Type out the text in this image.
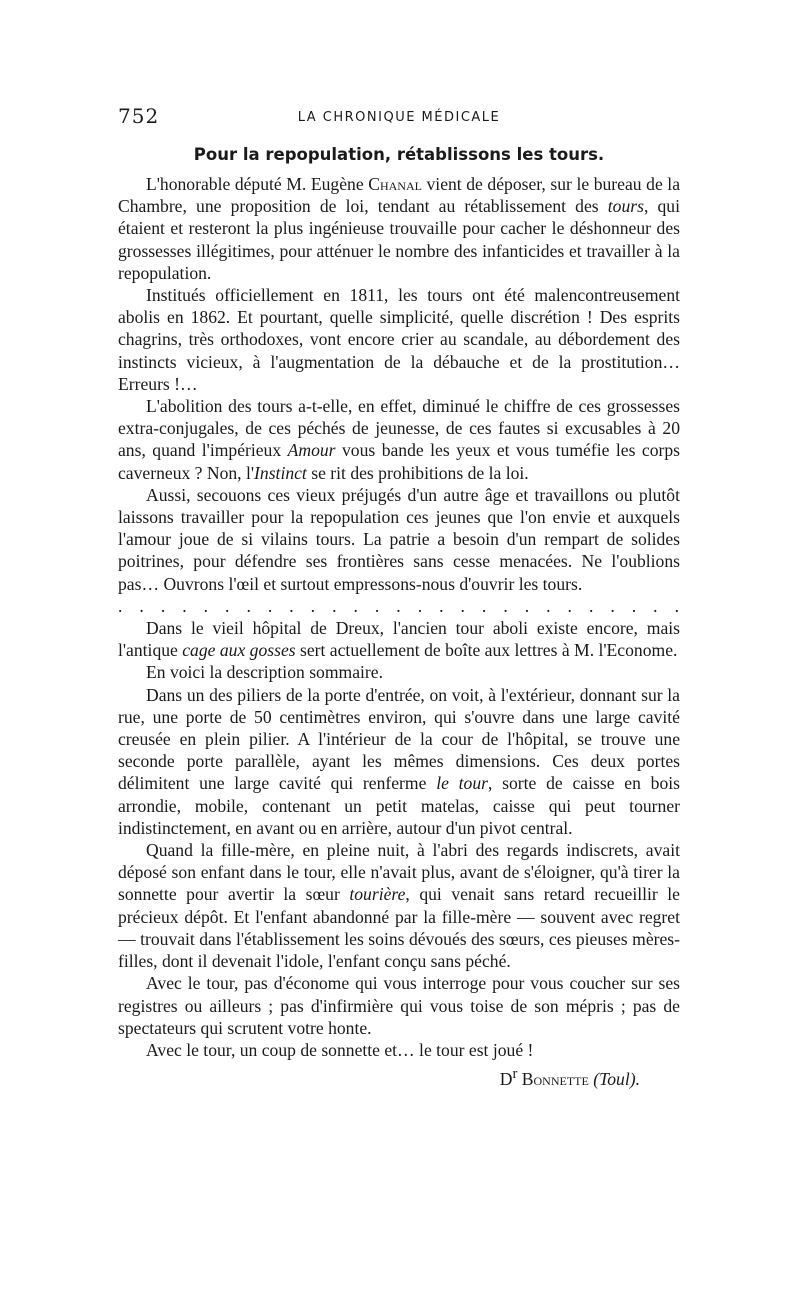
752	LA CHRONIQUE MÉDICALE
Pour la repopulation, rétablissons les tours.

L'honorable député M. Eugène Chanal vient de déposer, sur le bureau de la Chambre, une proposition de loi, tendant au rétablissement des tours, qui étaient et resteront la plus ingénieuse trouvaille pour cacher le déshonneur des grossesses illégitimes, pour atténuer le nombre des infanticides et travailler à la repopulation.

Institués officiellement en 1811, les tours ont été malencontreusement abolis en 1862. Et pourtant, quelle simplicité, quelle discrétion ! Des esprits chagrins, très orthodoxes, vont encore crier au scandale, au débordement des instincts vicieux, à l'augmentation de la débauche et de la prostitution… Erreurs !…

L'abolition des tours a-t-elle, en effet, diminué le chiffre de ces grossesses extra-conjugales, de ces péchés de jeunesse, de ces fautes si excusables à 20 ans, quand l'impérieux Amour vous bande les yeux et vous tuméfie les corps caverneux ? Non, l'Instinct se rit des prohibitions de la loi.

Aussi, secouons ces vieux préjugés d'un autre âge et travaillons ou plutôt laissons travailler pour la repopulation ces jeunes que l'on envie et auxquels l'amour joue de si vilains tours. La patrie a besoin d'un rempart de solides poitrines, pour défendre ses frontières sans cesse menacées. Ne l'oublions pas… Ouvrons l'œil et surtout empressons-nous d'ouvrir les tours.

. . . . . . . . . . . . . . . . . . . . . . . . . . .

Dans le vieil hôpital de Dreux, l'ancien tour aboli existe encore, mais l'antique cage aux gosses sert actuellement de boîte aux lettres à M. l'Econome.

En voici la description sommaire.

Dans un des piliers de la porte d'entrée, on voit, à l'extérieur, donnant sur la rue, une porte de 50 centimètres environ, qui s'ouvre dans une large cavité creusée en plein pilier. A l'intérieur de la cour de l'hôpital, se trouve une seconde porte parallèle, ayant les mêmes dimensions. Ces deux portes délimitent une large cavité qui renferme le tour, sorte de caisse en bois arrondie, mobile, contenant un petit matelas, caisse qui peut tourner indistinctement, en avant ou en arrière, autour d'un pivot central.

Quand la fille-mère, en pleine nuit, à l'abri des regards indiscrets, avait déposé son enfant dans le tour, elle n'avait plus, avant de s'éloigner, qu'à tirer la sonnette pour avertir la sœur tourière, qui venait sans retard recueillir le précieux dépôt. Et l'enfant abandonné par la fille-mère — souvent avec regret — trouvait dans l'établissement les soins dévoués des sœurs, ces pieuses mères-filles, dont il devenait l'idole, l'enfant conçu sans péché.

Avec le tour, pas d'économe qui vous interroge pour vous coucher sur ses registres ou ailleurs ; pas d'infirmière qui vous toise de son mépris ; pas de spectateurs qui scrutent votre honte.

Avec le tour, un coup de sonnette et… le tour est joué !

$D^r$ Bonnette (Toul).
